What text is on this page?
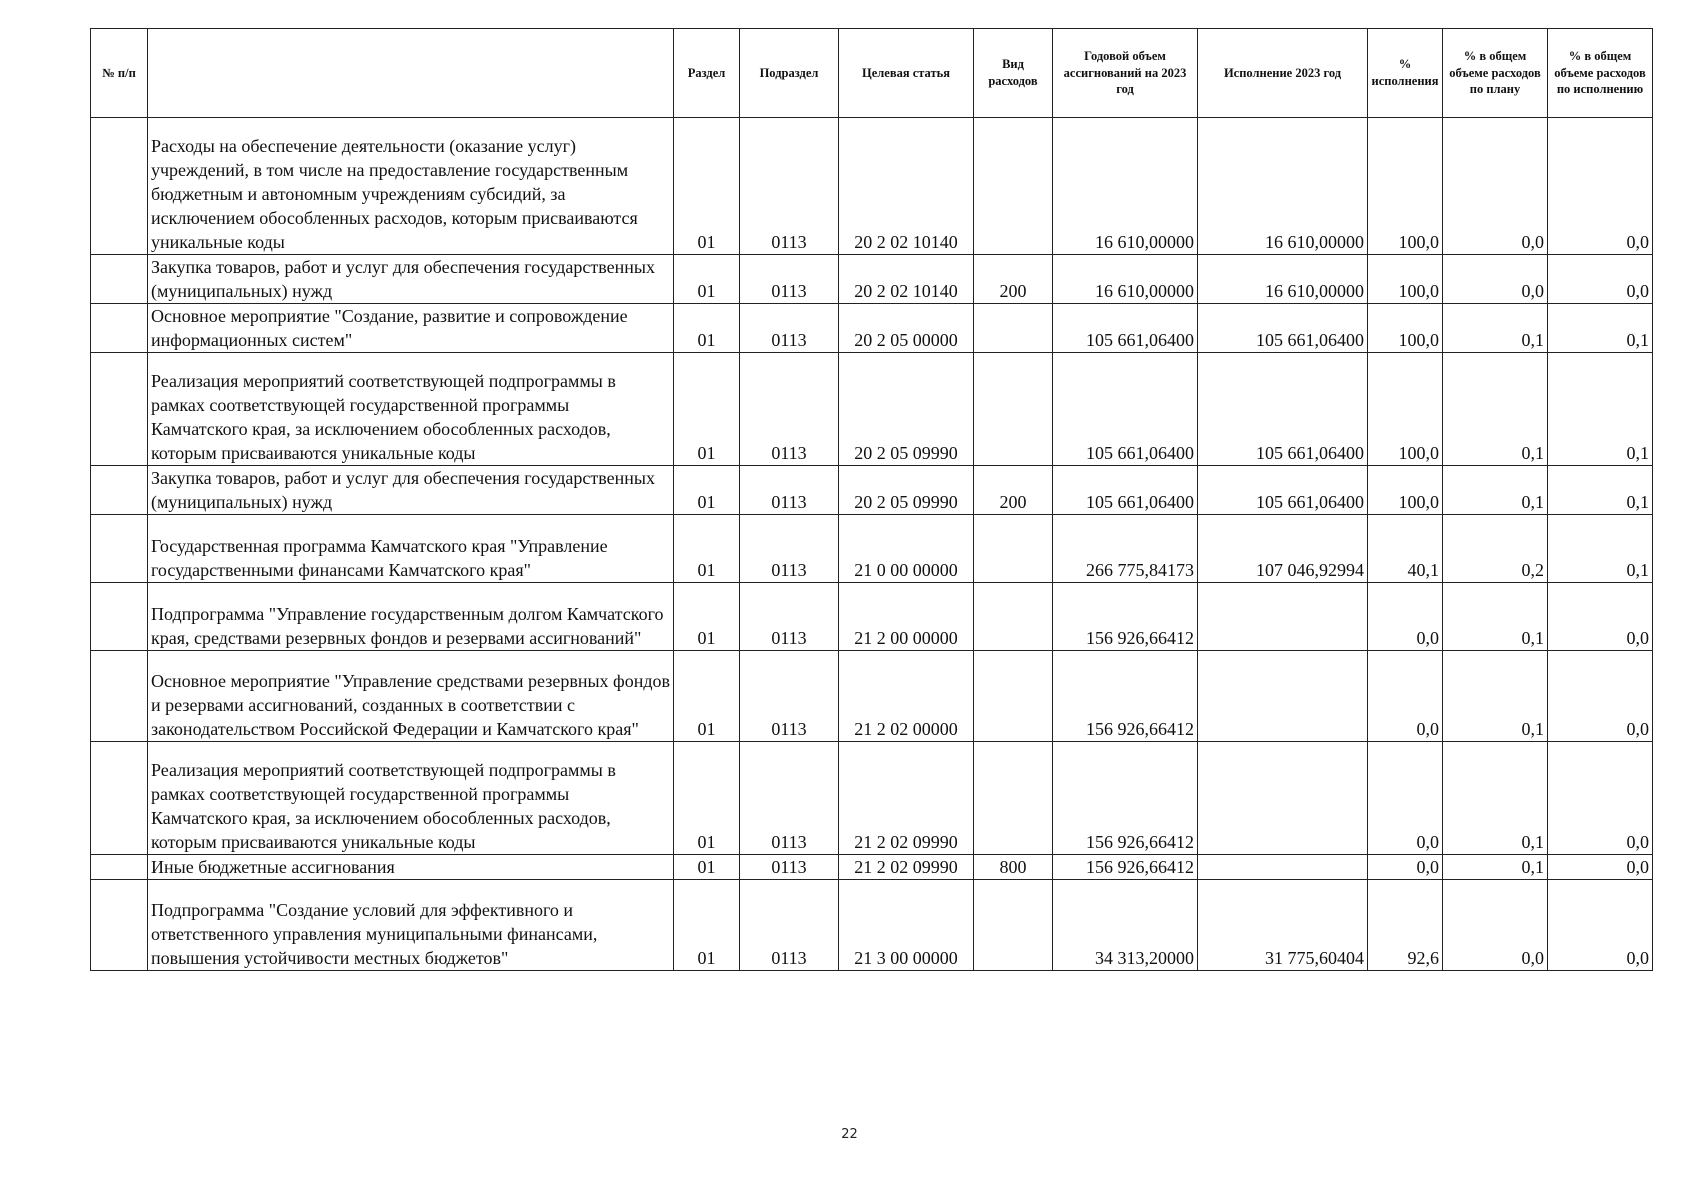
№ п/п		Раздел	Подраздел	Целевая статья	Вид расходов	Годовой объем ассигнований на 2023 год	Исполнение 2023 год	% исполнения	% в общем объеме расходов по плану	% в общем объеме расходов по исполнению
	Расходы на обеспечение деятельности (оказание услуг) учреждений, в том числе на предоставление государственным бюджетным и автономным учреждениям субсидий, за исключением обособленных расходов, которым присваиваются уникальные коды	01	0113	20 2 02 10140		16 610,00000	16 610,00000	100,0	0,0	0,0
	Закупка товаров, работ и услуг для обеспечения государственных (муниципальных) нужд	01	0113	20 2 02 10140	200	16 610,00000	16 610,00000	100,0	0,0	0,0
	Основное мероприятие "Создание, развитие и сопровождение информационных систем"	01	0113	20 2 05 00000		105 661,06400	105 661,06400	100,0	0,1	0,1
	Реализация мероприятий соответствующей подпрограммы в рамках соответствующей государственной программы Камчатского края, за исключением обособленных расходов, которым присваиваются уникальные коды	01	0113	20 2 05 09990		105 661,06400	105 661,06400	100,0	0,1	0,1
	Закупка товаров, работ и услуг для обеспечения государственных (муниципальных) нужд	01	0113	20 2 05 09990	200	105 661,06400	105 661,06400	100,0	0,1	0,1
	Государственная программа Камчатского края "Управление государственными финансами Камчатского края"	01	0113	21 0 00 00000		266 775,84173	107 046,92994	40,1	0,2	0,1
	Подпрограмма "Управление государственным долгом Камчатского края, средствами резервных фондов и резервами ассигнований"	01	0113	21 2 00 00000		156 926,66412		0,0	0,1	0,0
	Основное мероприятие "Управление средствами резервных фондов и резервами ассигнований, созданных в соответствии с законодательством Российской Федерации и Камчатского края"	01	0113	21 2 02 00000		156 926,66412		0,0	0,1	0,0
	Реализация мероприятий соответствующей подпрограммы в рамках соответствующей государственной программы Камчатского края, за исключением обособленных расходов, которым присваиваются уникальные коды	01	0113	21 2 02 09990		156 926,66412		0,0	0,1	0,0
	Иные бюджетные ассигнования	01	0113	21 2 02 09990	800	156 926,66412		0,0	0,1	0,0
	Подпрограмма "Создание условий для эффективного и ответственного управления муниципальными финансами, повышения устойчивости местных бюджетов"	01	0113	21 3 00 00000		34 313,20000	31 775,60404	92,6	0,0	0,0
22
